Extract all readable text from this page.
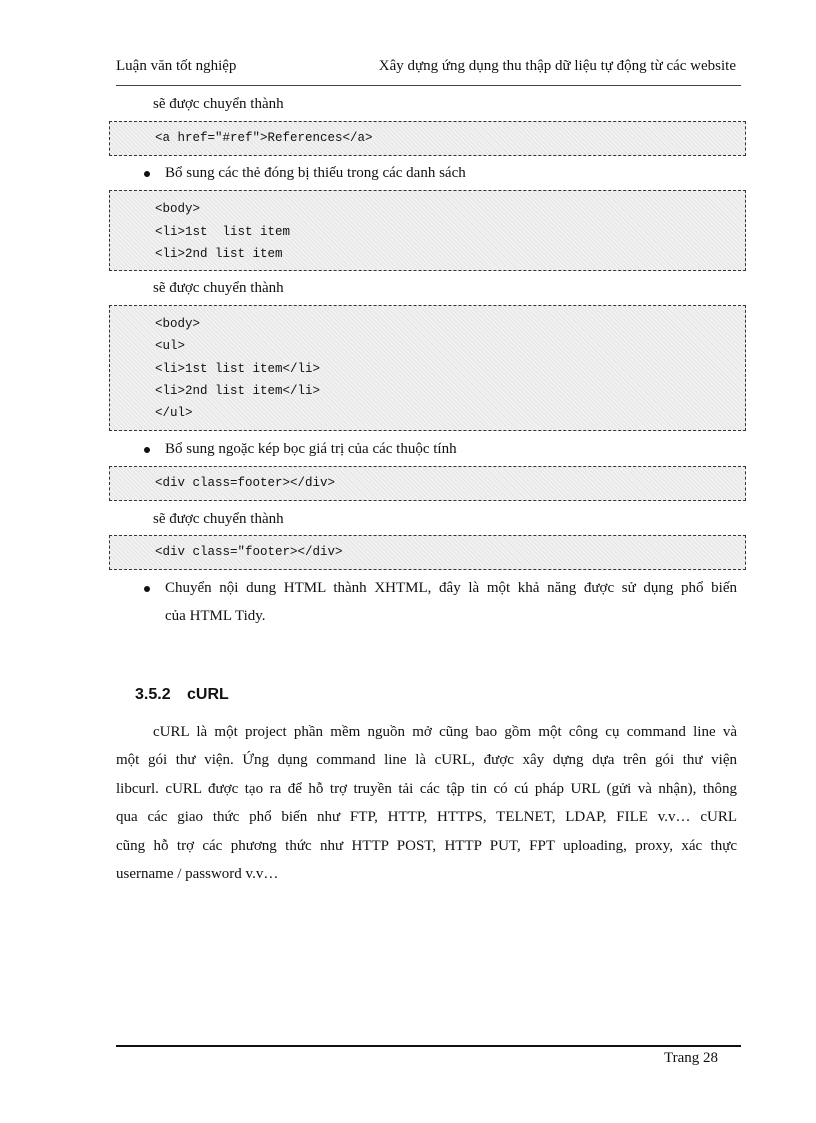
Luận văn tốt nghiệp	Xây dựng ứng dụng thu thập dữ liệu tự động từ các website
sẽ được chuyển thành
<a href="#ref">References</a>
Bổ sung các thẻ đóng bị thiếu trong các danh sách
<body>
<li>1st  list item
<li>2nd list item
sẽ được chuyển thành
<body>
<ul>
<li>1st list item</li>
<li>2nd list item</li>
</ul>
Bổ sung ngoặc kép bọc giá trị của các thuộc tính
<div class=footer></div>
sẽ được chuyển thành
<div class="footer></div>
Chuyển nội dung HTML thành XHTML, đây là một khả năng được sử dụng phổ biến
của HTML Tidy.
3.5.2 cURL
cURL là một project phần mềm nguồn mở cũng bao gồm một công cụ command line và
một gói thư viện. Ứng dụng command line là cURL, được xây dựng dựa trên gói thư viện
libcurl. cURL được tạo ra để hỗ trợ truyền tải các tập tin có cú pháp URL (gửi và nhận), thông
qua các giao thức phổ biến như FTP, HTTP, HTTPS, TELNET, LDAP, FILE v.v… cURL
cũng hỗ trợ các phương thức như HTTP POST, HTTP PUT, FPT uploading, proxy, xác thực
username / password v.v…
Trang 28
